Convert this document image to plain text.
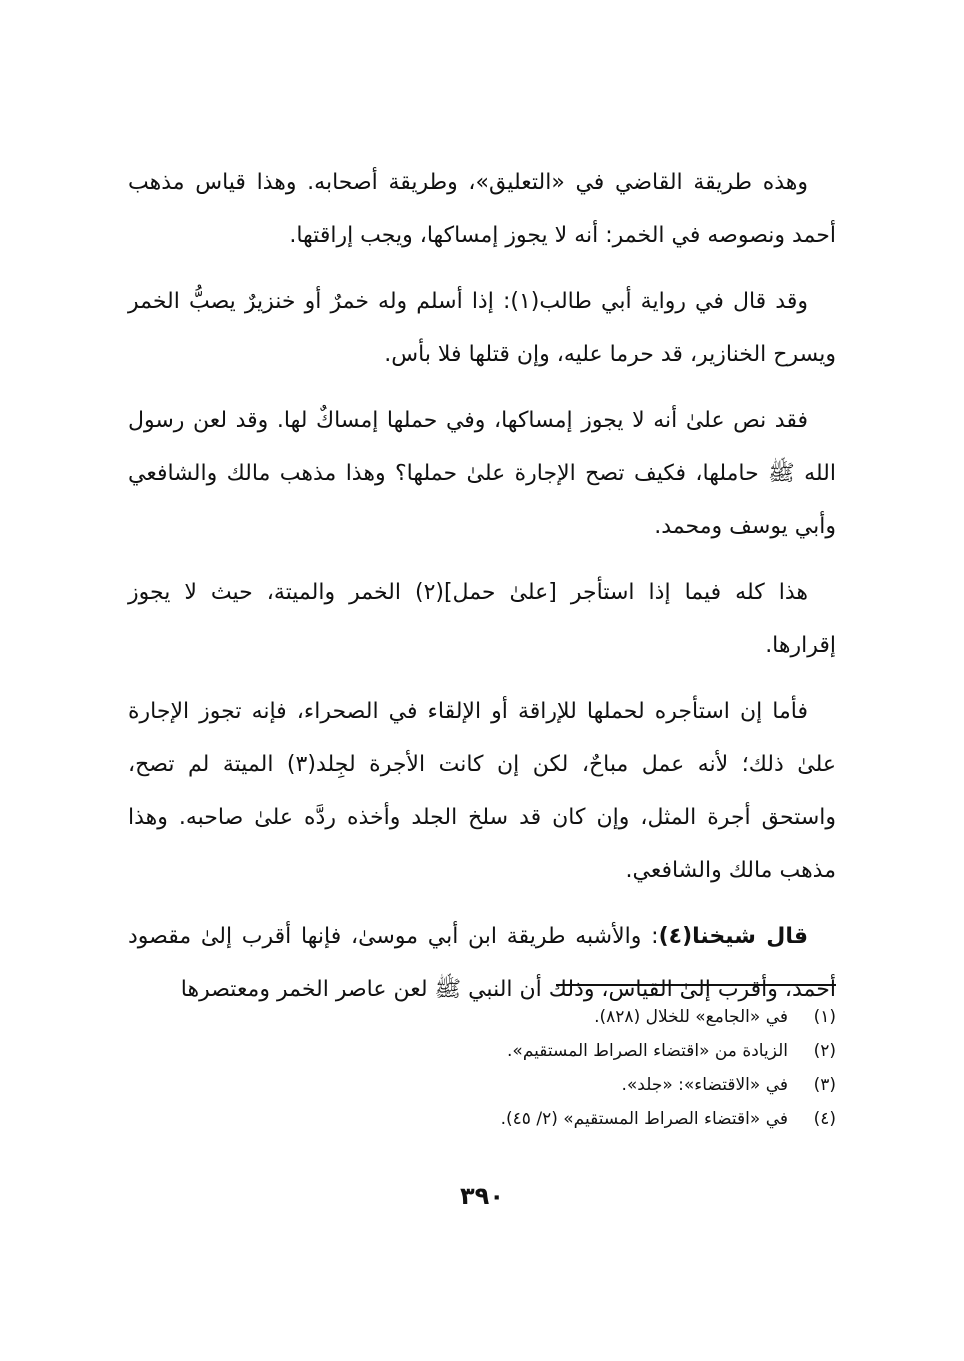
وهذه طريقة القاضي في «التعليق»، وطريقة أصحابه. وهذا قياس مذهب أحمد ونصوصه في الخمر: أنه لا يجوز إمساكها، ويجب إراقتها.

وقد قال في رواية أبي طالب(١): إذا أسلم وله خمرٌ أو خنزيرٌ يصبُّ الخمر ويسرح الخنازير، قد حرما عليه، وإن قتلها فلا بأس.

فقد نص علىٰ أنه لا يجوز إمساكها، وفي حملها إمساكٌ لها. وقد لعن رسول الله ﷺ حاملها، فكيف تصح الإجارة علىٰ حملها؟ وهذا مذهب مالك والشافعي وأبي يوسف ومحمد.

هذا كله فيما إذا استأجر [علىٰ حمل](٢) الخمر والميتة، حيث لا يجوز إقرارها.

فأما إن استأجره لحملها للإراقة أو الإلقاء في الصحراء، فإنه تجوز الإجارة علىٰ ذلك؛ لأنه عمل مباحٌ، لكن إن كانت الأجرة لجِلد(٣) الميتة لم تصح، واستحق أجرة المثل، وإن كان قد سلخ الجلد وأخذه ردَّه علىٰ صاحبه. وهذا مذهب مالك والشافعي.

قال شيخنا(٤): والأشبه طريقة ابن أبي موسىٰ، فإنها أقرب إلىٰ مقصود أحمد، وأقرب إلىٰ القياس، وذلك أن النبي ﷺ لعن عاصر الخمر ومعتصرها

(١)في «الجامع» للخلال (٨٢٨).

(٢)الزيادة من «اقتضاء الصراط المستقيم».

(٣)في «الاقتضاء»: «جلد».

(٤)في «اقتضاء الصراط المستقيم» (٢/ ٤٥).

٣٩٠
